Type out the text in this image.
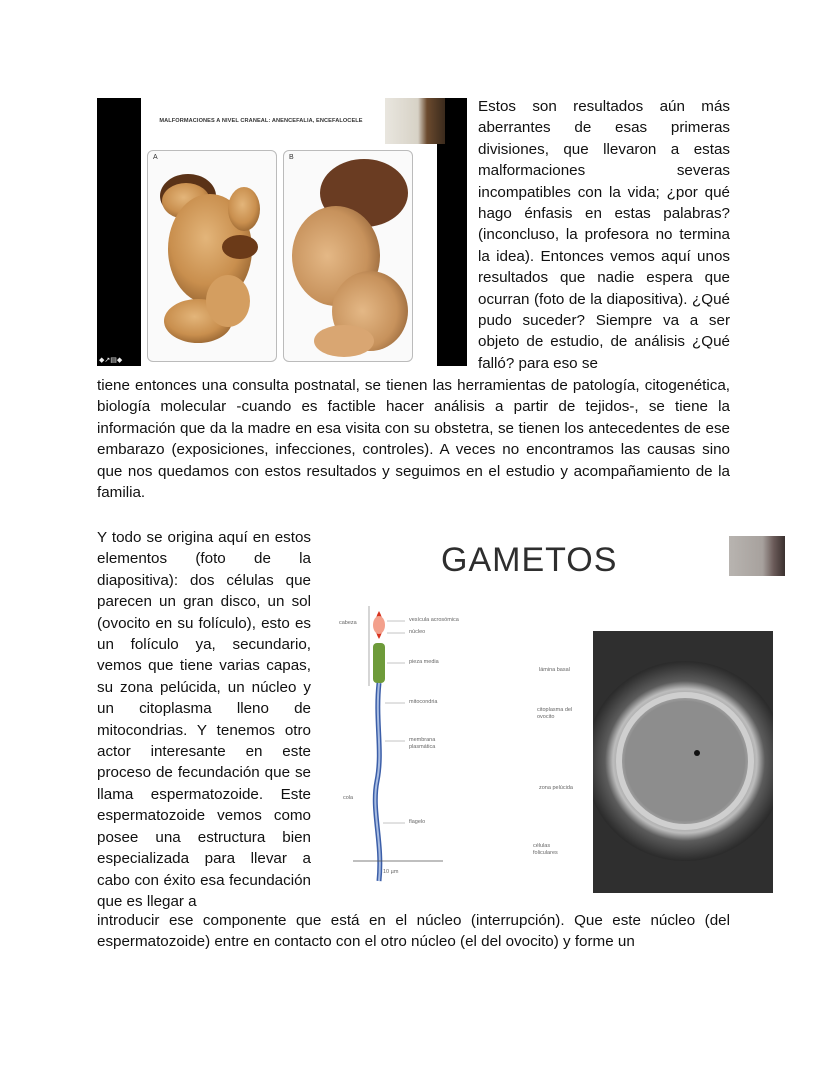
MALFORMACIONES A NIVEL CRANEAL: ANENCEFALIA, ENCEFALOCELE
A	B
◆↗▤◆
Estos son resultados aún más aberrantes de esas primeras divisiones, que llevaron a estas malformaciones severas incompatibles con la vida; ¿por qué hago énfasis en estas palabras? (inconcluso, la profesora no termina la idea). Entonces vemos aquí unos resultados que nadie espera que ocurran (foto de la diapositiva). ¿Qué pudo suceder? Siempre va a ser objeto de estudio, de análisis ¿Qué falló? para eso se
tiene entonces una consulta postnatal, se tienen las herramientas de patología, citogenética, biología molecular -cuando es factible hacer análisis a partir de tejidos-, se tiene la información que da la madre en esa visita con su obstetra, se tienen los antecedentes de ese embarazo (exposiciones, infecciones, controles). A veces no encontramos las causas sino que nos quedamos con estos resultados y seguimos en el estudio y acompañamiento de la familia.
GAMETOS
cabeza	vesícula acrosómica
núcleo
pieza media
mitocondria
membrana plasmática
cola
flagelo
10 µm
lámina basal
citoplasma del ovocito
zona pelúcida
células foliculares
Y todo se origina aquí en estos elementos (foto de la diapositiva): dos células que parecen un gran disco, un sol (ovocito en su folículo), esto es un folículo ya, secundario, vemos que tiene varias capas, su zona pelúcida, un núcleo y un citoplasma lleno de mitocondrias. Y tenemos otro actor interesante en este proceso de fecundación que se llama espermatozoide. Este espermatozoide vemos como posee una estructura bien especializada para llevar a cabo con éxito esa fecundación que es llegar a
introducir ese componente que está en el núcleo (interrupción). Que este núcleo (del espermatozoide) entre en contacto con el otro núcleo (el del ovocito) y forme un
